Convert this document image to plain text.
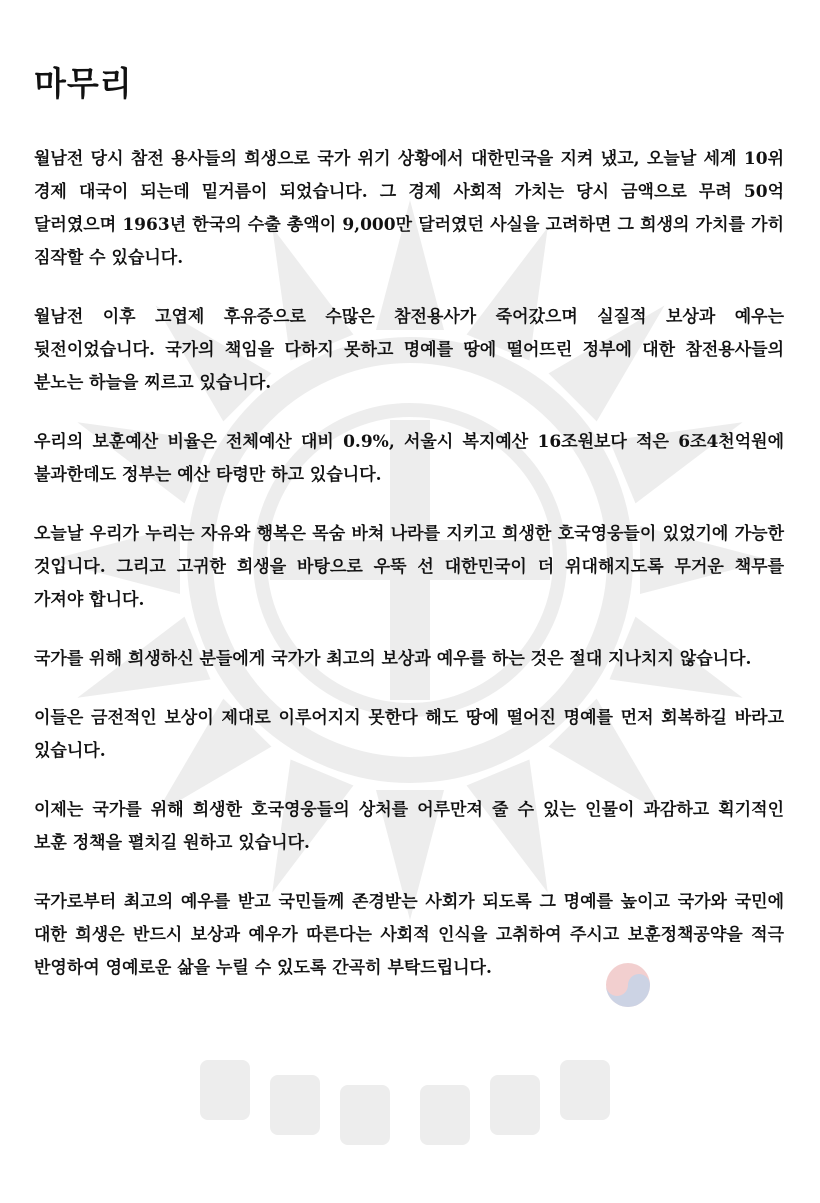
마무리

월남전 당시 참전 용사들의 희생으로 국가 위기 상황에서 대한민국을 지켜 냈고, 오늘날 세계 10위 경제 대국이 되는데 밑거름이 되었습니다. 그 경제 사회적 가치는 당시 금액으로 무려 50억 달러였으며 1963년 한국의 수출 총액이 9,000만 달러였던 사실을 고려하면 그 희생의 가치를 가히 짐작할 수 있습니다.

월남전 이후 고엽제 후유증으로 수많은 참전용사가 죽어갔으며 실질적 보상과 예우는 뒷전이었습니다. 국가의 책임을 다하지 못하고 명예를 땅에 떨어뜨린 정부에 대한 참전용사들의 분노는 하늘을 찌르고 있습니다.

우리의 보훈예산 비율은 전체예산 대비 0.9%, 서울시 복지예산 16조원보다 적은 6조4천억원에 불과한데도 정부는 예산 타령만 하고 있습니다.

오늘날 우리가 누리는 자유와 행복은 목숨 바쳐 나라를 지키고 희생한 호국영웅들이 있었기에 가능한 것입니다. 그리고 고귀한 희생을 바탕으로 우뚝 선 대한민국이 더 위대해지도록 무거운 책무를 가져야 합니다.

국가를 위해 희생하신 분들에게 국가가 최고의 보상과 예우를 하는 것은 절대 지나치지 않습니다.

이들은 금전적인 보상이 제대로 이루어지지 못한다 해도 땅에 떨어진 명예를 먼저 회복하길 바라고 있습니다.

이제는 국가를 위해 희생한 호국영웅들의 상처를 어루만져 줄 수 있는 인물이 과감하고 획기적인 보훈 정책을 펼치길 원하고 있습니다.

국가로부터 최고의 예우를 받고 국민들께 존경받는 사회가 되도록 그 명예를 높이고 국가와 국민에 대한 희생은 반드시 보상과 예우가 따른다는 사회적 인식을 고취하여 주시고 보훈정책공약을 적극 반영하여 영예로운 삶을 누릴 수 있도록 간곡히 부탁드립니다.
